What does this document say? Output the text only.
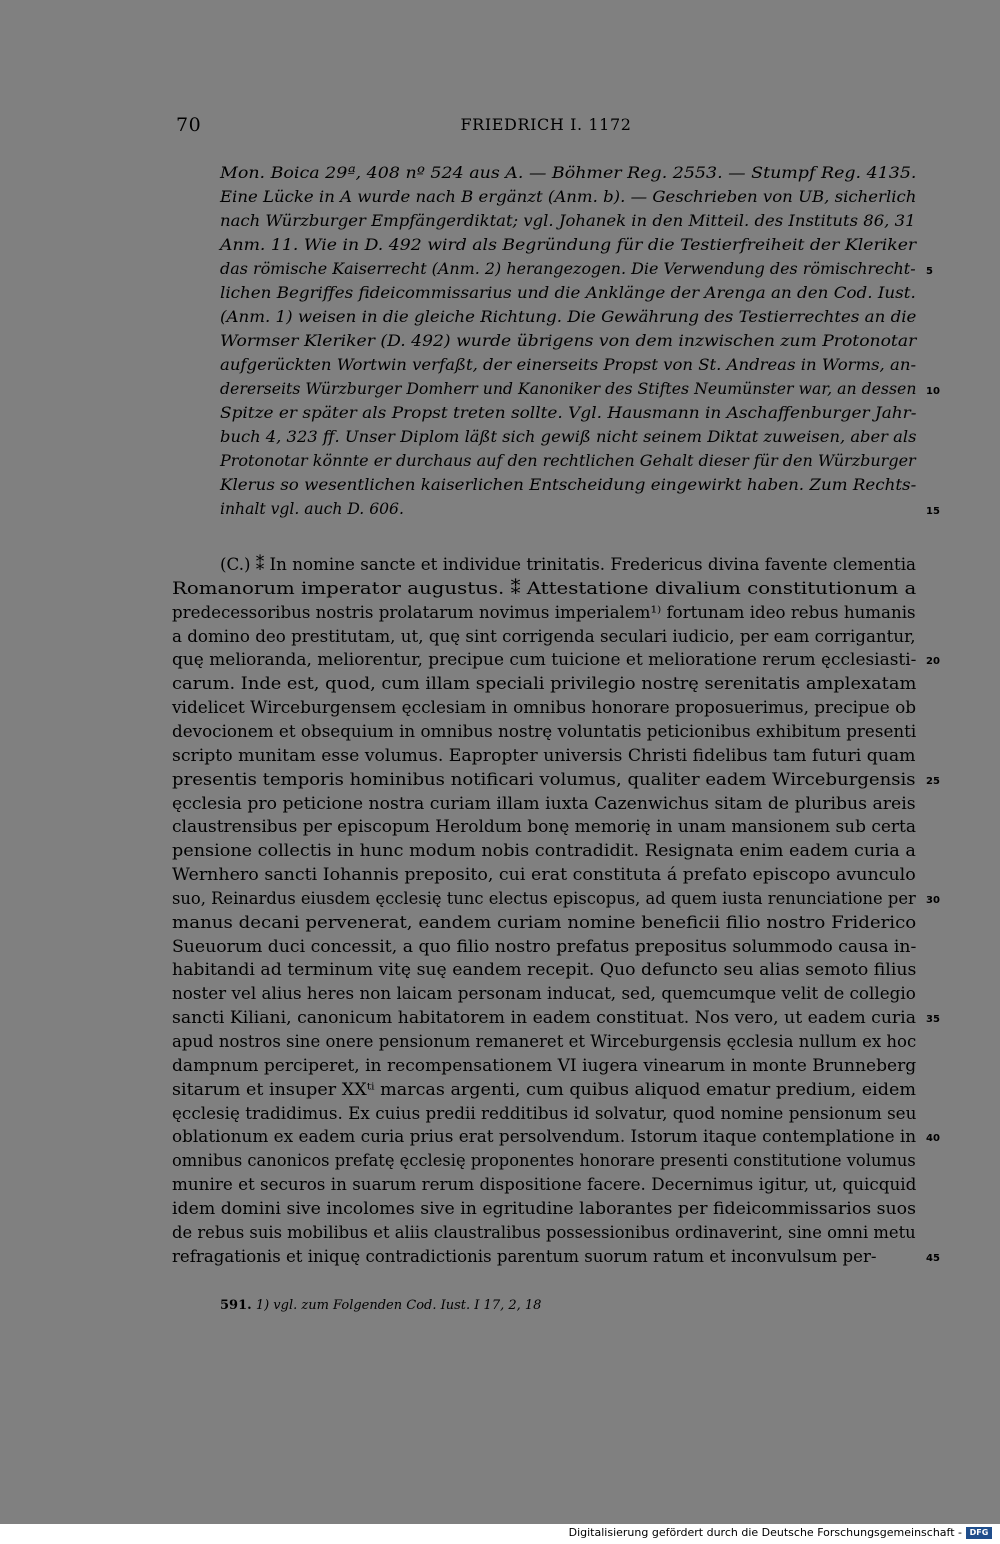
70	FRIEDRICH I. 1172
Mon. Boica 29ª, 408 nº 524 aus A. — Böhmer Reg. 2553. — Stumpf Reg. 4135.
Eine Lücke in A wurde nach B ergänzt (Anm. b). — Geschrieben von UB, sicherlich
nach Würzburger Empfängerdiktat; vgl. Johanek in den Mitteil. des Instituts 86, 31
Anm. 11. Wie in D. 492 wird als Begründung für die Testierfreiheit der Kleriker
das römische Kaiserrecht (Anm. 2) herangezogen. Die Verwendung des römischrecht-
lichen Begriffes fideicommissarius und die Anklänge der Arenga an den Cod. Iust.
(Anm. 1) weisen in die gleiche Richtung. Die Gewährung des Testierrechtes an die
Wormser Kleriker (D. 492) wurde übrigens von dem inzwischen zum Protonotar
aufgerückten Wortwin verfaßt, der einerseits Propst von St. Andreas in Worms, an-
dererseits Würzburger Domherr und Kanoniker des Stiftes Neumünster war, an dessen
Spitze er später als Propst treten sollte. Vgl. Hausmann in Aschaffenburger Jahr-
buch 4, 323 ff. Unser Diplom läßt sich gewiß nicht seinem Diktat zuweisen, aber als
Protonotar könnte er durchaus auf den rechtlichen Gehalt dieser für den Würzburger
Klerus so wesentlichen kaiserlichen Entscheidung eingewirkt haben. Zum Rechts-
inhalt vgl. auch D. 606.
5
10
15
(C.) ⁑ In nomine sancte et individue trinitatis. Fredericus divina favente clementia
Romanorum imperator augustus. ⁑ Attestatione divalium constitutionum a
predecessoribus nostris prolatarum novimus imperialem¹⁾ fortunam ideo rebus humanis
a domino deo prestitutam, ut, quę sint corrigenda seculari iudicio, per eam corrigantur,
quę melioranda, meliorentur, precipue cum tuicione et melioratione rerum ęcclesiasti-
carum. Inde est, quod, cum illam speciali privilegio nostrę serenitatis amplexatam
videlicet Wirceburgensem ęcclesiam in omnibus honorare proposuerimus, precipue ob
devocionem et obsequium in omnibus nostrę voluntatis peticionibus exhibitum presenti
scripto munitam esse volumus. Eapropter universis Christi fidelibus tam futuri quam
presentis temporis hominibus notificari volumus, qualiter eadem Wirceburgensis
ęcclesia pro peticione nostra curiam illam iuxta Cazenwichus sitam de pluribus areis
claustrensibus per episcopum Heroldum bonę memorię in unam mansionem sub certa
pensione collectis in hunc modum nobis contradidit. Resignata enim eadem curia a
Wernhero sancti Iohannis preposito, cui erat constituta á prefato episcopo avunculo
suo, Reinardus eiusdem ęcclesię tunc electus episcopus, ad quem iusta renunciatione per
manus decani pervenerat, eandem curiam nomine beneficii filio nostro Friderico
Sueuorum duci concessit, a quo filio nostro prefatus prepositus solummodo causa in-
habitandi ad terminum vitę suę eandem recepit. Quo defuncto seu alias semoto filius
noster vel alius heres non laicam personam inducat, sed, quemcumque velit de collegio
sancti Kiliani, canonicum habitatorem in eadem constituat. Nos vero, ut eadem curia
apud nostros sine onere pensionum remaneret et Wirceburgensis ęcclesia nullum ex hoc
dampnum perciperet, in recompensationem VI iugera vinearum in monte Brunneberg
sitarum et insuper XXᵗⁱ marcas argenti, cum quibus aliquod ematur predium, eidem
ęcclesię tradidimus. Ex cuius predii redditibus id solvatur, quod nomine pensionum seu
oblationum ex eadem curia prius erat persolvendum. Istorum itaque contemplatione in
omnibus canonicos prefatę ęcclesię proponentes honorare presenti constitutione volumus
munire et securos in suarum rerum dispositione facere. Decernimus igitur, ut, quicquid
idem domini sive incolomes sive in egritudine laborantes per fideicommissarios suos
de rebus suis mobilibus et aliis claustralibus possessionibus ordinaverint, sine omni metu
refragationis et iniquę contradictionis parentum suorum ratum et inconvulsum per-
20
25
30
35
40
45
591. 1) vgl. zum Folgenden Cod. Iust. I 17, 2, 18
Digitalisierung gefördert durch die Deutsche Forschungsgemeinschaft - DFG
